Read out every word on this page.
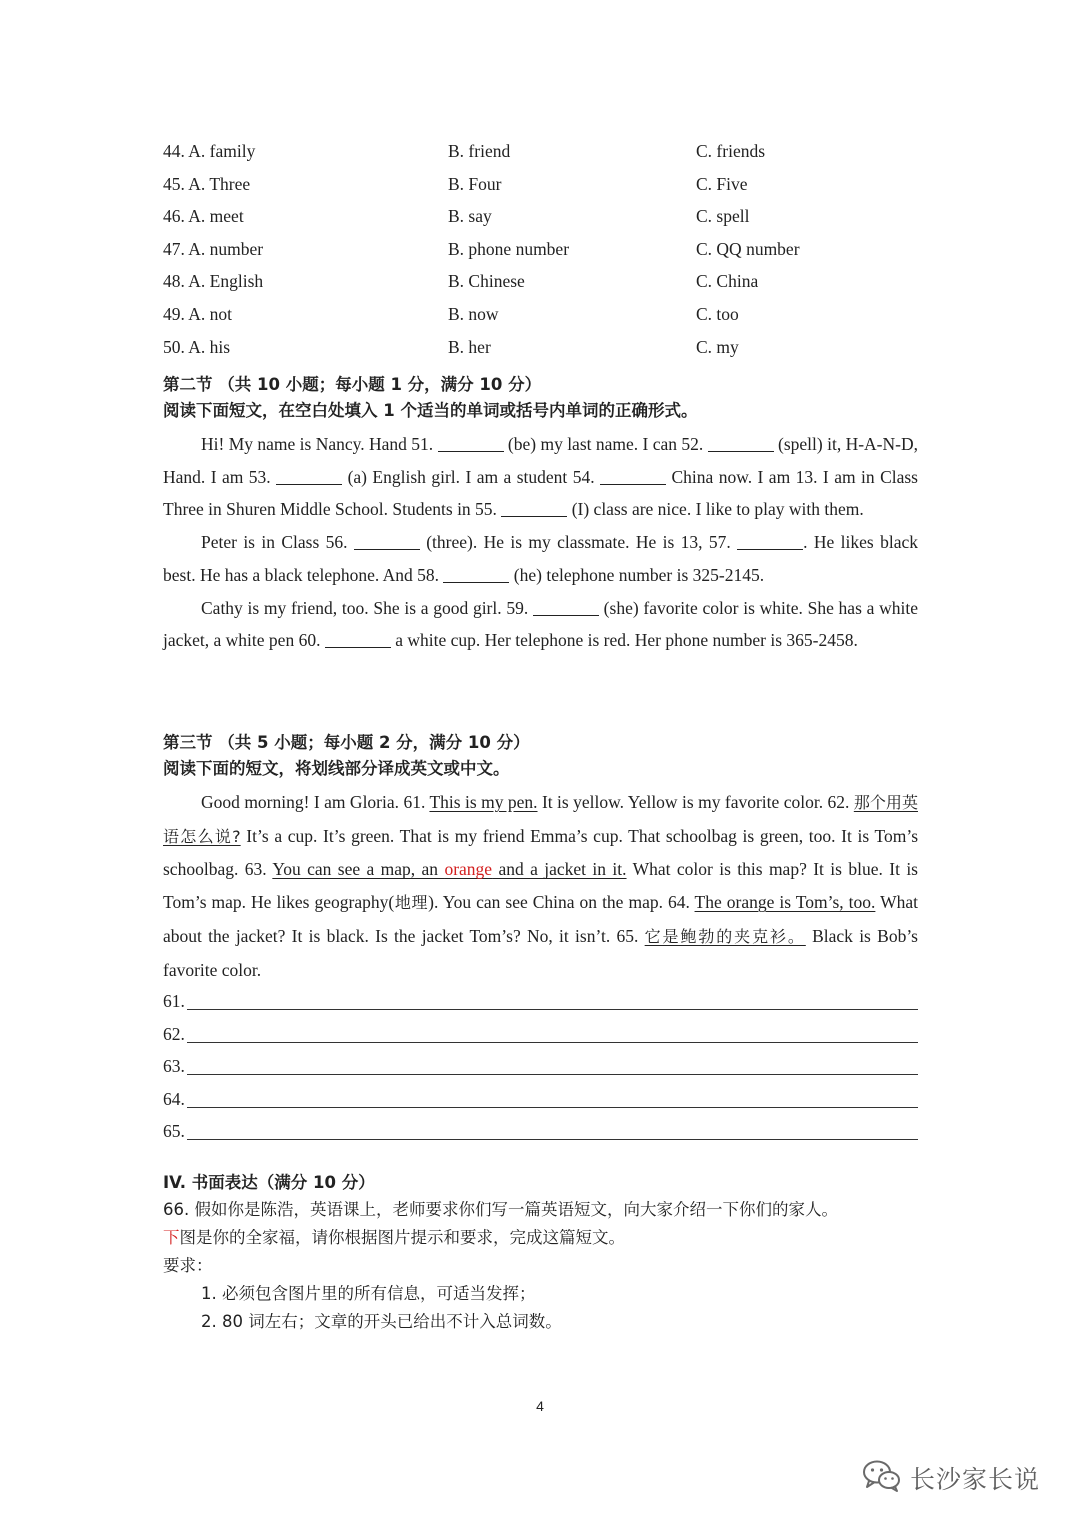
44. A. family	B. friend	C. friends
45. A. Three	B. Four	C. Five
46. A. meet	B. say	C. spell
47. A. number	B. phone number	C. QQ number
48. A. English	B. Chinese	C. China
49. A. not	B. now	C. too
50. A. his	B. her	C. my

第二节 （共 10 小题；每小题 1 分，满分 10 分）

阅读下面短文，在空白处填入 1 个适当的单词或括号内单词的正确形式。

Hi! My name is Nancy. Hand 51.	(be) my last name. I can 52.	(spell) it, H-A-N-D, Hand. I am 53.	(a) English girl. I am a student 54.	China now. I am 13. I am in Class Three in Shuren Middle School. Students in 55.	(I) class are nice. I like to play with them.

Peter is in Class 56.	(three). He is my classmate. He is 13, 57.	. He likes black best. He has a black telephone. And 58.	(he) telephone number is 325-2145.

Cathy is my friend, too. She is a good girl. 59.	(she) favorite color is white. She has a white jacket, a white pen 60.	a white cup. Her telephone is red. Her phone number is 365-2458.

第三节 （共 5 小题；每小题 2 分，满分 10 分）

阅读下面的短文，将划线部分译成英文或中文。

Good morning! I am Gloria. 61. This is my pen. It is yellow. Yellow is my favorite color. 62. 那个用英语怎么说? It’s a cup. It’s green. That is my friend Emma’s cup. That schoolbag is green, too. It is Tom’s schoolbag. 63. You can see a map, an orange and a jacket in it. What color is this map? It is blue. It is Tom’s map. He likes geography(地理). You can see China on the map. 64. The orange is Tom’s, too. What about the jacket? It is black. Is the jacket Tom’s? No, it isn’t. 65. 它是鲍勃的夹克衫。 Black is Bob’s favorite color.

61.
62.
63.
64.
65.

IV. 书面表达（满分 10 分）

66. 假如你是陈浩，英语课上，老师要求你们写一篇英语短文，向大家介绍一下你们的家人。

下图是你的全家福，请你根据图片提示和要求，完成这篇短文。

要求：

1. 必须包含图片里的所有信息，可适当发挥；

2. 80 词左右；文章的开头已给出不计入总词数。

4
长沙家长说
